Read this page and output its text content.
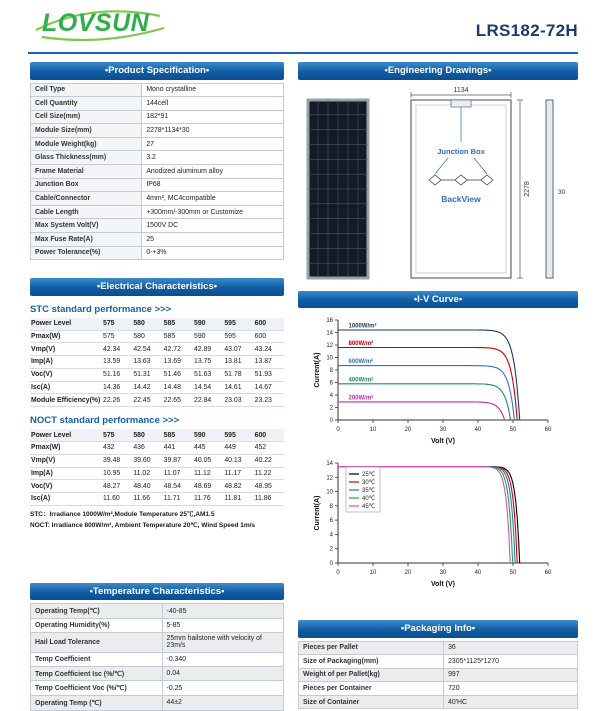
LOVSUN	LRS182-72H
•Product Specification•
Cell Type	Mono crystalline
Cell Quantity	144cell
Cell Size(mm)	182*91
Module Size(mm)	2278*1134*30
Module Weight(kg)	27
Glass Thickness(mm)	3.2
Frame Material	Anodized aluminum alloy
Junction Box	IP68
Cable/Connector	4mm², MC4compatible
Cable Length	+300mm/-300mm or Customize
Max System Volt(V)	1500V DC
Max Fuse Rate(A)	25
Power Tolerance(%)	0-+3%
•Electrical Characteristics•
STC standard performance >>>
Power Level	575	580	585	590	595	600
Pmax(W)	575	580	585	590	595	600
Vmp(V)	42.34	42.54	42.72	42.89	43.07	43.24
Imp(A)	13.59	13.63	13.69	13.75	13.81	13.87
Voc(V)	51.16	51.31	51.46	51.63	51.78	51.93
Isc(A)	14.36	14.42	14.48	14.54	14.61	14.67
Module Efficiency(%)	22.26	22.45	22.65	22.84	23.03	23.23
NOCT standard performance >>>
Power Level	575	580	585	590	595	600
Pmax(W)	432	436	441	445	449	452
Vmp(V)	39.48	39.60	39.87	40.05	40.13	40.22
Imp(A)	10.95	11.02	11.07	11.12	11.17	11.22
Voc(V)	48.27	48.40	48.54	48.69	48.82	48.95
Isc(A)	11.60	11.66	11.71	11.76	11.81	11.86
STC：Irradiance 1000W/m²,Module Temperature 25℃,AM1.5
NOCT: Irradiance 800W/m², Ambient Temperature 20℃, Wind Speed 1m/s
•Temperature Characteristics•
Operating Temp(℃)	-40-85
Operating Humidity(%)	5-85
Hail Load Tolerance	25mm hailstone with velocity of 23m/s
Temp Coefficient	-0.340
Temp Coefficient Isc (%/℃)	0.04
Temp Coefficient Voc (%/℃)	-0.25
Operating Temp (℃)	44±2
•Engineering Drawings•
1134
Junction Box
BackView
2278	30
•I-V Curve•
0	10	20	30	40	50	60
0
2
4
6
8
10
12
14
16
Volt (V)
Current(A)
1000W/m²
800W/m²
600W/m²
400W/m²
200W/m²
0	10	20	30	40	50	60
0
2
4
6
8
10
12
14
Volt (V)
Current(A)
25℃
30℃
35℃
40℃
45℃
•Packaging Info•
Pieces per Pallet	36
Size of Packaging(mm)	2305*1125*1270
Weight of per Pallet(kg)	997
Pieces per Container	720
Size of Container	40'HC
